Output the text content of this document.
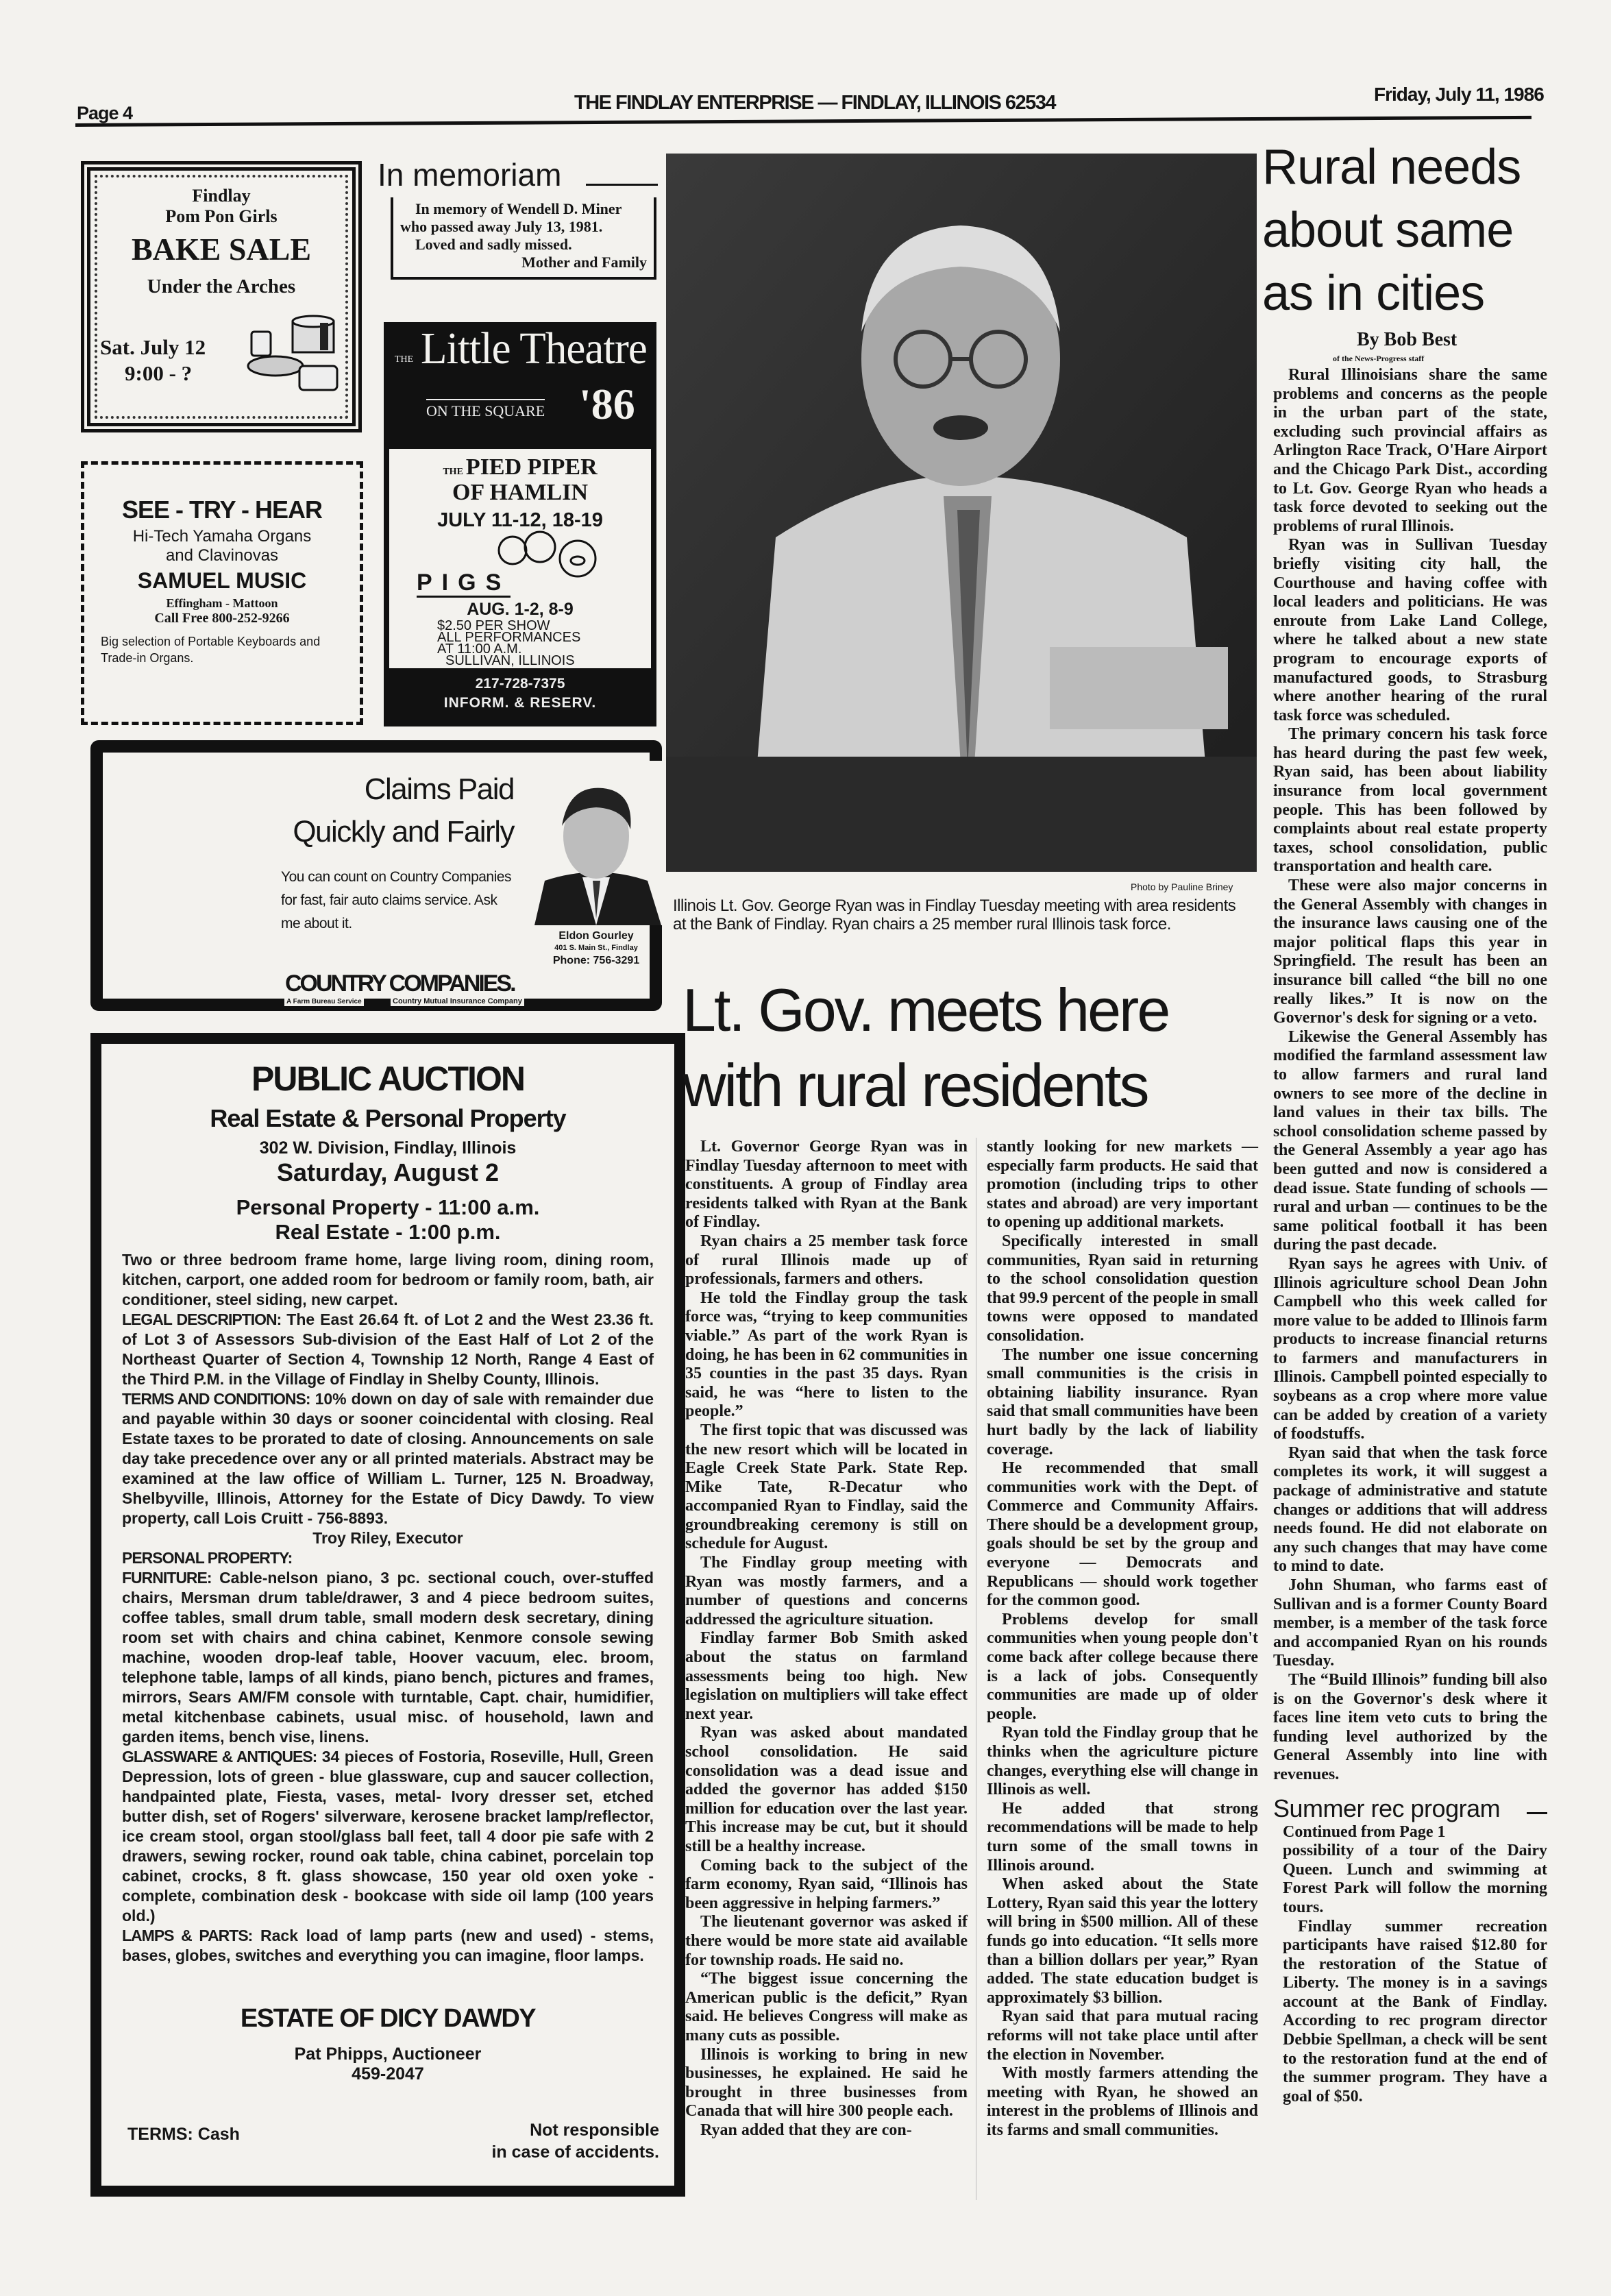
Page 4	THE FINDLAY ENTERPRISE — FINDLAY, ILLINOIS 62534	Friday, July 11, 1986
Findlay
Pom Pon Girls
BAKE SALE
Under the Arches
Sat. July 12
9:00 - ?
In memoriam
In memory of Wendell D. Miner
who passed away July 13, 1981.
Loved and sadly missed.
Mother and Family
THE Little Theatre
ON THE SQUARE '86
THE PIED PIPER
OF HAMLIN
JULY 11-12, 18-19
PIGS
AUG. 1-2, 8-9
$2.50 PER SHOW
ALL PERFORMANCES
AT 11:00 A.M.
SULLIVAN, ILLINOIS
217-728-7375
INFORM. & RESERV.
SEE - TRY - HEAR
Hi-Tech Yamaha Organs
and Clavinovas
SAMUEL MUSIC
Effingham - Mattoon
Call Free 800-252-9266
Big selection of Portable Keyboards and Trade-in Organs.
Claims Paid
Quickly and Fairly
You can count on Country Companies for fast, fair auto claims service. Ask me about it.
Eldon Gourley
401 S. Main St., Findlay
Phone: 756-3291
COUNTRY COMPANIES.
A Farm Bureau Service	Country Mutual Insurance Company
PUBLIC AUCTION
Real Estate & Personal Property
302 W. Division, Findlay, Illinois
Saturday, August 2
Personal Property - 11:00 a.m.
Real Estate - 1:00 p.m.

Two or three bedroom frame home, large living room, dining room, kitchen, carport, one added room for bedroom or family room, bath, air conditioner, steel siding, new carpet.

LEGAL DESCRIPTION: The East 26.64 ft. of Lot 2 and the West 23.36 ft. of Lot 3 of Assessors Sub-division of the East Half of Lot 2 of the Northeast Quarter of Section 4, Township 12 North, Range 4 East of the Third P.M. in the Village of Findlay in Shelby County, Illinois.

TERMS AND CONDITIONS: 10% down on day of sale with remainder due and payable within 30 days or sooner coincidental with closing. Real Estate taxes to be prorated to date of closing. Announcements on sale day take precedence over any or all printed materials. Abstract may be examined at the law office of William L. Turner, 125 N. Broadway, Shelbyville, Illinois, Attorney for the Estate of Dicy Dawdy. To view property, call Lois Cruitt - 756-8893.

Troy Riley, Executor

PERSONAL PROPERTY:

FURNITURE: Cable-nelson piano, 3 pc. sectional couch, over-stuffed chairs, Mersman drum table/drawer, 3 and 4 piece bedroom suites, coffee tables, small drum table, small modern desk secretary, dining room set with chairs and china cabinet, Kenmore console sewing machine, wooden drop-leaf table, Hoover vacuum, elec. broom, telephone table, lamps of all kinds, piano bench, pictures and frames, mirrors, Sears AM/FM console with turntable, Capt. chair, humidifier, metal kitchenbase cabinets, usual misc. of household, lawn and garden items, bench vise, linens.

GLASSWARE & ANTIQUES: 34 pieces of Fostoria, Roseville, Hull, Green Depression, lots of green - blue glassware, cup and saucer collection, handpainted plate, Fiesta, vases, metal- Ivory dresser set, etched butter dish, set of Rogers' silverware, kerosene bracket lamp/reflector, ice cream stool, organ stool/glass ball feet, tall 4 door pie safe with 2 drawers, sewing rocker, round oak table, china cabinet, porcelain top cabinet, crocks, 8 ft. glass showcase, 150 year old oxen yoke - complete, combination desk - bookcase with side oil lamp (100 years old.)

LAMPS & PARTS: Rack load of lamp parts (new and used) - stems, bases, globes, switches and everything you can imagine, floor lamps.

ESTATE OF DICY DAWDY
Pat Phipps, Auctioneer
459-2047
TERMS: Cash	Not responsible
in case of accidents.
Photo by Pauline Briney
Illinois Lt. Gov. George Ryan was in Findlay Tuesday meeting with area residents at the Bank of Findlay. Ryan chairs a 25 member rural Illinois task force.
Lt. Gov. meets here
with rural residents

Lt. Governor George Ryan was in Findlay Tuesday afternoon to meet with constituents. A group of Findlay area residents talked with Ryan at the Bank of Findlay.

Ryan chairs a 25 member task force of rural Illinois made up of professionals, farmers and others.

He told the Findlay group the task force was, “trying to keep communities viable.” As part of the work Ryan is doing, he has been in 62 communities in 35 counties in the past 35 days. Ryan said, he was “here to listen to the people.”

The first topic that was discussed was the new resort which will be located in Eagle Creek State Park. State Rep. Mike Tate, R-Decatur who accompanied Ryan to Findlay, said the groundbreaking ceremony is still on schedule for August.

The Findlay group meeting with Ryan was mostly farmers, and a number of questions and concerns addressed the agriculture situation.

Findlay farmer Bob Smith asked about the status on farmland assessments being too high. New legislation on multipliers will take effect next year.

Ryan was asked about mandated school consolidation. He said consolidation was a dead issue and added the governor has added $150 million for education over the last year. This increase may be cut, but it should still be a healthy increase.

Coming back to the subject of the farm economy, Ryan said, “Illinois has been aggressive in helping farmers.”

The lieutenant governor was asked if there would be more state aid available for township roads. He said no.

“The biggest issue concerning the American public is the deficit,” Ryan said. He believes Congress will make as many cuts as possible.

Illinois is working to bring in new businesses, he explained. He said he brought in three businesses from Canada that will hire 300 people each.

Ryan added that they are con-

stantly looking for new markets — especially farm products. He said that promotion (including trips to other states and abroad) are very important to opening up additional markets.

Specifically interested in small communities, Ryan said in returning to the school consolidation question that 99.9 percent of the people in small towns were opposed to mandated consolidation.

The number one issue concerning small communities is the crisis in obtaining liability insurance. Ryan said that small communities have been hurt badly by the lack of liability coverage.

He recommended that small communities work with the Dept. of Commerce and Community Affairs. There should be a development group, goals should be set by the group and everyone — Democrats and Republicans — should work together for the common good.

Problems develop for small communities when young people don't come back after college because there is a lack of jobs. Consequently communities are made up of older people.

Ryan told the Findlay group that he thinks when the agriculture picture changes, everything else will change in Illinois as well.

He added that strong recommendations will be made to help turn some of the small towns in Illinois around.

When asked about the State Lottery, Ryan said this year the lottery will bring in $500 million. All of these funds go into education. “It sells more than a billion dollars per year,” Ryan added. The state education budget is approximately $3 billion.

Ryan said that para mutual racing reforms will not take place until after the election in November.

With mostly farmers attending the meeting with Ryan, he showed an interest in the problems of Illinois and its farms and small communities.

Rural needs
about same
as in cities
By Bob Best
of the News-Progress staff

Rural Illinoisians share the same problems and concerns as the people in the urban part of the state, excluding such provincial affairs as Arlington Race Track, O'Hare Airport and the Chicago Park Dist., according to Lt. Gov. George Ryan who heads a task force devoted to seeking out the problems of rural Illinois.

Ryan was in Sullivan Tuesday briefly visiting city hall, the Courthouse and having coffee with local leaders and politicians. He was enroute from Lake Land College, where he talked about a new state program to encourage exports of manufactured goods, to Strasburg where another hearing of the rural task force was scheduled.

The primary concern his task force has heard during the past few week, Ryan said, has been about liability insurance from local government people. This has been followed by complaints about real estate property taxes, school consolidation, public transportation and health care.

These were also major concerns in the General Assembly with changes in the insurance laws causing one of the major political flaps this year in Springfield. The result has been an insurance bill called “the bill no one really likes.” It is now on the Governor's desk for signing or a veto.

Likewise the General Assembly has modified the farmland assessment law to allow farmers and rural land owners to see more of the decline in land values in their tax bills. The school consolidation scheme passed by the General Assembly a year ago has been gutted and now is considered a dead issue. State funding of schools — rural and urban — continues to be the same political football it has been during the past decade.

Ryan says he agrees with Univ. of Illinois agriculture school Dean John Campbell who this week called for more value to be added to Illinois farm products to increase financial returns to farmers and manufacturers in Illinois. Campbell pointed especially to soybeans as a crop where more value can be added by creation of a variety of foodstuffs.

Ryan said that when the task force completes its work, it will suggest a package of administrative and statute changes or additions that will address needs found. He did not elaborate on any such changes that may have come to mind to date.

John Shuman, who farms east of Sullivan and is a former County Board member, is a member of the task force and accompanied Ryan on his rounds Tuesday.

The “Build Illinois” funding bill also is on the Governor's desk where it faces line item veto cuts to bring the funding level authorized by the General Assembly into line with revenues.

Summer rec program

Continued from Page 1

possibility of a tour of the Dairy Queen. Lunch and swimming at Forest Park will follow the morning tours.

Findlay summer recreation participants have raised $12.80 for the restoration of the Statue of Liberty. The money is in a savings account at the Bank of Findlay. According to rec program director Debbie Spellman, a check will be sent to the restoration fund at the end of the summer program. They have a goal of $50.
